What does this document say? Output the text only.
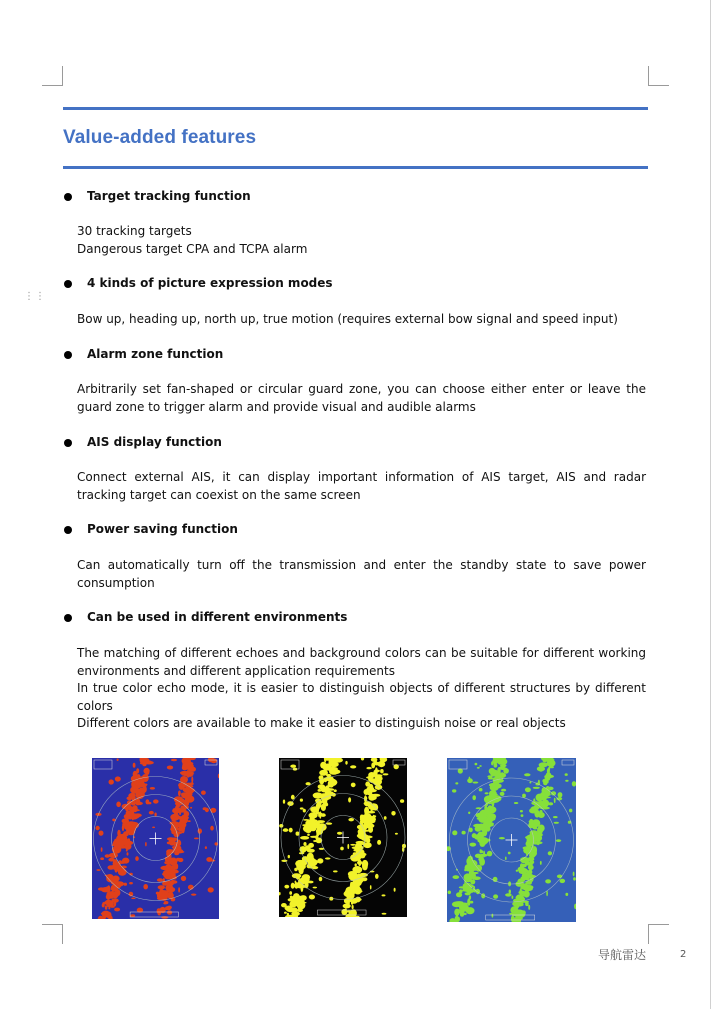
⋮⋮
Value-added features
Target tracking function

30 tracking targets

Dangerous target CPA and TCPA alarm

4 kinds of picture expression modes

Bow up, heading up, north up, true motion (requires external bow signal and speed input)

Alarm zone function

Arbitrarily set fan-shaped or circular guard zone, you can choose either enter or leave the guard zone to trigger alarm and provide visual and audible alarms

AIS display function

Connect external AIS, it can display important information of AIS target, AIS and radar tracking target can coexist on the same screen

Power saving function

Can automatically turn off the transmission and enter the standby state to save power consumption

Can be used in different environments

The matching of different echoes and background colors can be suitable for different working environments and different application requirements

In true color echo mode, it is easier to distinguish objects of different structures by different colors

Different colors are available to make it easier to distinguish noise or real objects

导航雷达	2
